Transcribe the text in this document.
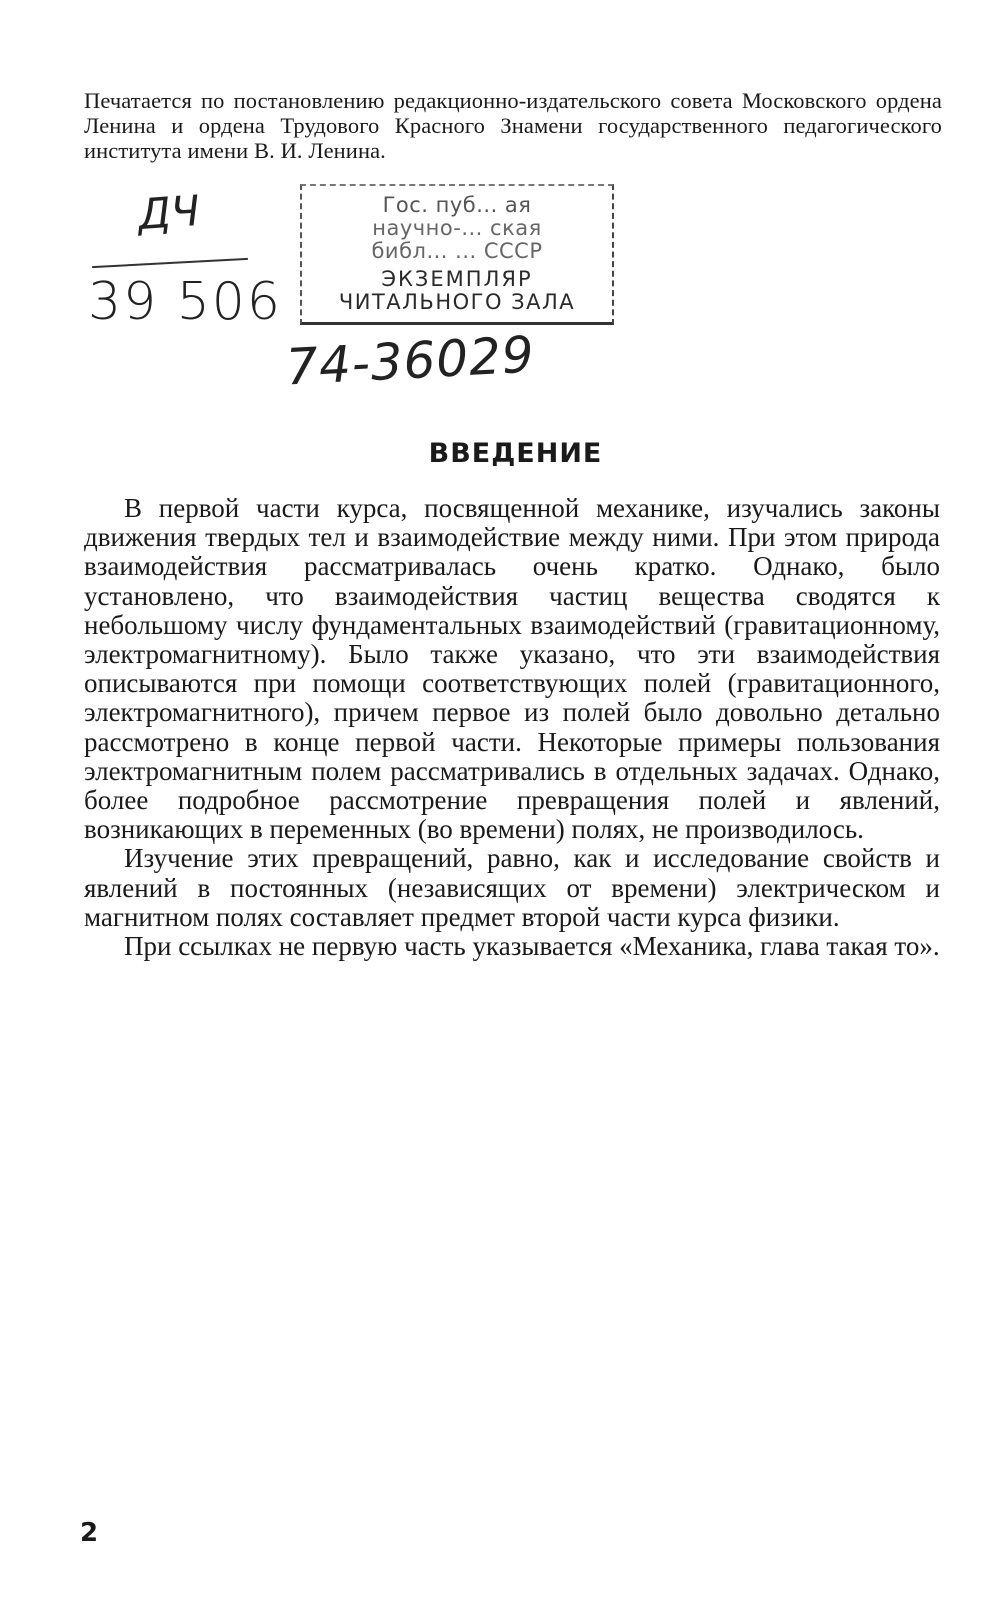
Печатается по постановлению редакционно-издательского совета Московского ордена Ленина и ордена Трудового Красного Знамени государственного педагогического института имени В. И. Ленина.

ДЧ
39 506
Гос. пуб... ая
научно-... ская
библ... ... СССР
ЭКЗЕМПЛЯР
ЧИТАЛЬНОГО ЗАЛА
74-36029
ВВЕДЕНИЕ

В первой части курса, посвященной механике, изучались законы движения твердых тел и взаимодействие между ними. При этом природа взаимодействия рассматривалась очень кратко. Однако, было установлено, что взаимодействия частиц вещества сводятся к небольшому числу фундаментальных взаимодействий (гравитационному, электромагнитному). Было также указано, что эти взаимодействия описываются при помощи соответствующих полей (гравитационного, электромагнитного), причем первое из полей было довольно детально рассмотрено в конце первой части. Некоторые примеры пользования электромагнитным полем рассматривались в отдельных задачах. Однако, более подробное рассмотрение превращения полей и явлений, возникающих в переменных (во времени) полях, не производилось.

Изучение этих превращений, равно, как и исследование свойств и явлений в постоянных (независящих от времени) электрическом и магнитном полях составляет предмет второй части курса физики.

При ссылках не первую часть указывается «Механика, глава такая то».

2
